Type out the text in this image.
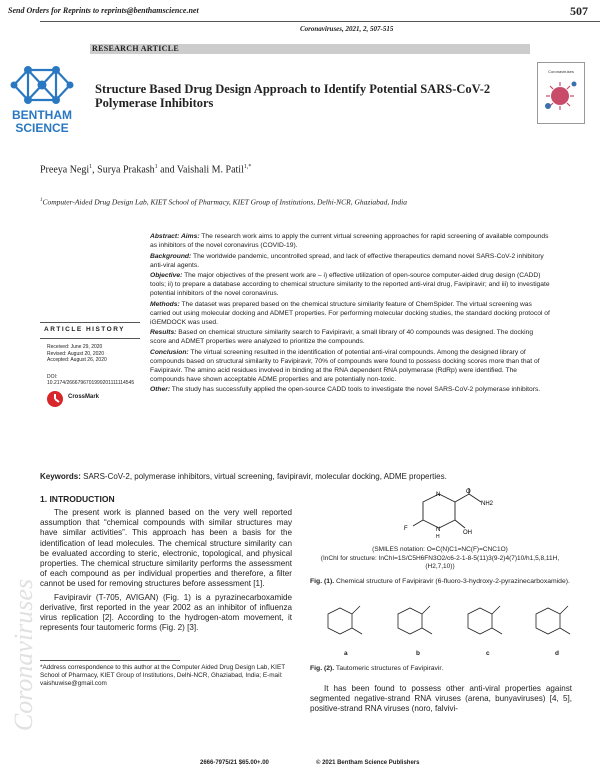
Send Orders for Reprints to reprints@benthamscience.net	507
Coronaviruses, 2021, 2, 507-515
RESEARCH ARTICLE
BENTHAM
SCIENCE
Coronaviruses
Structure Based Drug Design Approach to Identify Potential SARS-CoV-2 Polymerase Inhibitors
Preeya Negi$^1$, Surya Prakash$^1$ and Vaishali M. Patil$^{1,*}$
$^1$Computer-Aided Drug Design Lab, KIET School of Pharmacy, KIET Group of Institutions, Delhi-NCR, Ghaziabad, India

Abstract: Aims: The research work aims to apply the current virtual screening approaches for rapid screening of available compounds as inhibitors of the novel coronavirus (COVID-19).

Background: The worldwide pandemic, uncontrolled spread, and lack of effective therapeutics demand novel SARS-CoV-2 inhibitory anti-viral agents.

Objective: The major objectives of the present work are – i) effective utilization of open-source computer-aided drug design (CADD) tools; ii) to prepare a database according to chemical structure similarity to the reported anti-viral drug, Favipiravir; and iii) to investigate potential inhibitors of the novel coronavirus.

Methods: The dataset was prepared based on the chemical structure similarity feature of ChemSpider. The virtual screening was carried out using molecular docking and ADMET properties. For performing molecular docking studies, the standard docking protocol of iGEMDOCK was used.

Results: Based on chemical structure similarity search to Favipiravir, a small library of 40 compounds was designed. The docking score and ADMET properties were analyzed to prioritize the compounds.

Conclusion: The virtual screening resulted in the identification of potential anti-viral compounds. Among the designed library of compounds based on structural similarity to Favipiravir, 70% of compounds were found to possess docking scores more than that of Favipiravir. The amino acid residues involved in binding at the RNA dependent RNA polymerase (RdRp) were identified. The compounds have shown acceptable ADME properties and are potentially non-toxic.

Other: The study has successfully applied the open-source CADD tools to investigate the novel SARS-CoV-2 polymerase inhibitors.

ARTICLE HISTORY
Received: June 29, 2020
Revised: August 20, 2020
Accepted: August 26, 2020
DOI:
10.2174/2666796701999201111114545
CrossMark
Keywords: SARS-CoV-2, polymerase inhibitors, virtual screening, favipiravir, molecular docking, ADME properties.
1. INTRODUCTION

The present work is planned based on the very well reported assumption that “chemical compounds with similar structures may have similar activities”. This approach has been a basis for the identification of lead molecules. The chemical structure similarity can be evaluated according to steric, electronic, topological, and physical properties. The chemical structure similarity performs the assessment of each compound as per individual properties and therefore, a filter cannot be used for removing structures before assessment [1].

Favipiravir (T-705, AVIGAN) (Fig. 1) is a pyrazinecarboxamide derivative, first reported in the year 2002 as an inhibitor of influenza virus replication [2]. According to the hydrogen-atom movement, it represents four tautomeric forms (Fig. 2) [3].

N
H
N
F
NH2
O
OH
(SMILES notation: O=C(N)C1=NC(F)=CNC1O)
(InChI for structure: InChI=1S/C5H6FN3O2/c6-2-1-8-5(11)3(9-2)4(7)10/h1,5,8,11H,(H2,7,10))
Fig. (1). Chemical structure of Favipiravir (6-fluoro-3-hydroxy-2-pyrazinecarboxamide).
a	b	c	d
Fig. (2). Tautomeric structures of Favipiravir.

It has been found to possess other anti-viral properties against segmented negative-strand RNA viruses (arena, bunyaviruses) [4, 5], positive-strand RNA viruses (noro, falvivi-

*Address correspondence to this author at the Computer Aided Drug Design Lab, KIET School of Pharmacy, KIET Group of Institutions, Delhi-NCR, Ghaziabad, India; E-mail: vaishuwise@gmail.com
2666-7975/21 $65.00+.00	© 2021 Bentham Science Publishers
Coronaviruses
